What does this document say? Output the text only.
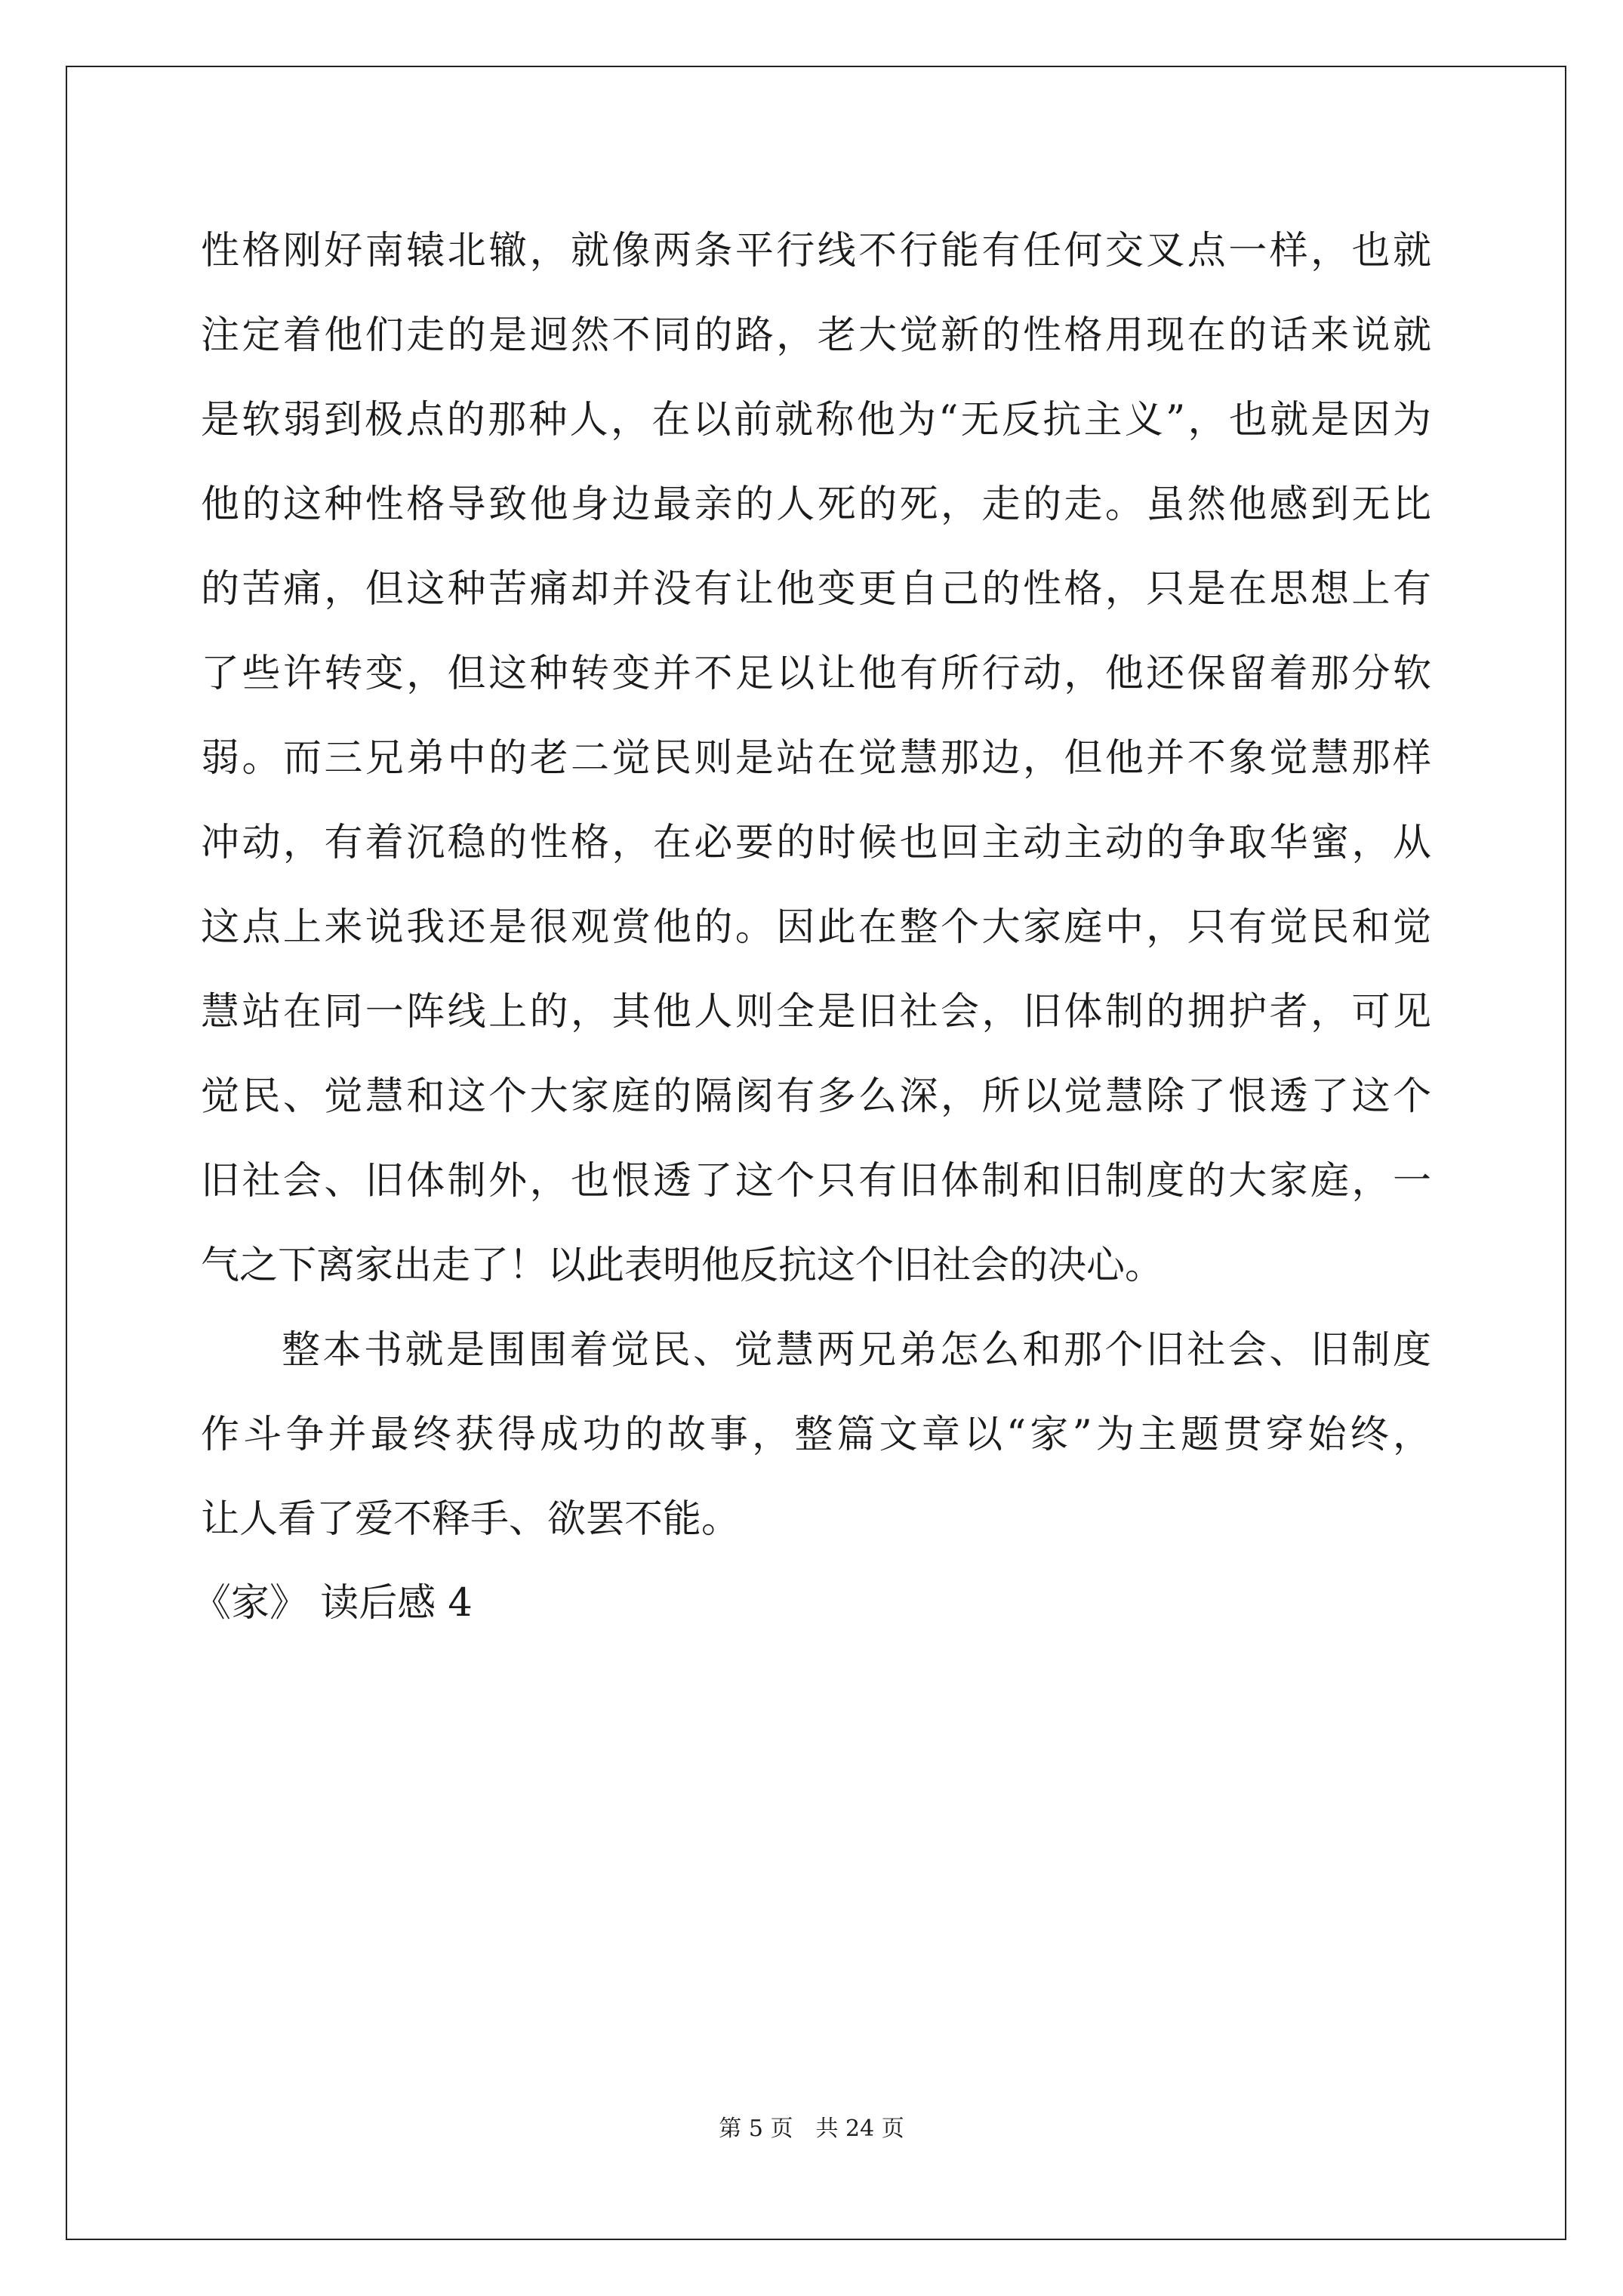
性格刚好南辕北辙，就像两条平行线不行能有任何交叉点一样，也就
注定着他们走的是迥然不同的路，老大觉新的性格用现在的话来说就
是软弱到极点的那种人，在以前就称他为“无反抗主义”，也就是因为
他的这种性格导致他身边最亲的人死的死，走的走。虽然他感到无比
的苦痛，但这种苦痛却并没有让他变更自己的性格，只是在思想上有
了些许转变，但这种转变并不足以让他有所行动，他还保留着那分软
弱。而三兄弟中的老二觉民则是站在觉慧那边，但他并不象觉慧那样
冲动，有着沉稳的性格，在必要的时候也回主动主动的争取华蜜，从
这点上来说我还是很观赏他的。因此在整个大家庭中，只有觉民和觉
慧站在同一阵线上的，其他人则全是旧社会，旧体制的拥护者，可见
觉民、觉慧和这个大家庭的隔阂有多么深，所以觉慧除了恨透了这个
旧社会、旧体制外，也恨透了这个只有旧体制和旧制度的大家庭，一
气之下离家出走了！以此表明他反抗这个旧社会的决心。
整本书就是围围着觉民、觉慧两兄弟怎么和那个旧社会、旧制度
作斗争并最终获得成功的故事，整篇文章以“家”为主题贯穿始终，
让人看了爱不释手、欲罢不能。
《家》 读后感 4
第 5 页　共 24 页
